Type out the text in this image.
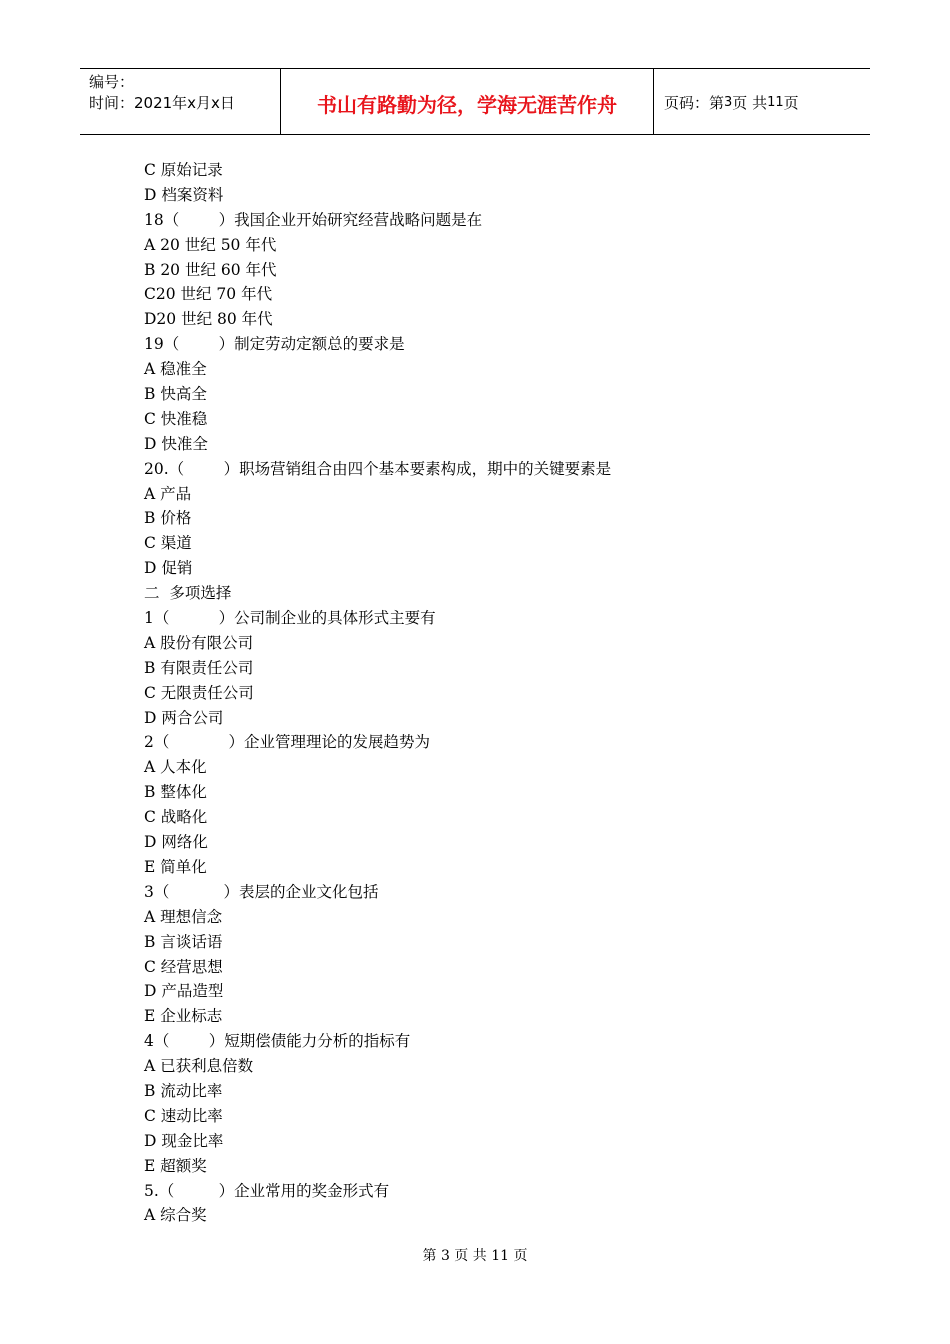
编号：
时间：2021年x月x日	书山有路勤为径，学海无涯苦作舟	页码：第 3 页 共 11 页
C 原始记录
D 档案资料
18（        ）我国企业开始研究经营战略问题是在
A 20 世纪 50 年代
B 20 世纪 60 年代
C20 世纪 70 年代
D20 世纪 80 年代
19（        ）制定劳动定额总的要求是
A 稳准全
B 快高全
C 快准稳
D 快准全
20.（        ）职场营销组合由四个基本要素构成，期中的关键要素是
A 产品
B 价格
C 渠道
D 促销
二  多项选择
1（          ）公司制企业的具体形式主要有
A 股份有限公司
B 有限责任公司
C 无限责任公司
D 两合公司
2（            ）企业管理理论的发展趋势为
A 人本化
B 整体化
C 战略化
D 网络化
E 简单化
3（           ）表层的企业文化包括
A 理想信念
B 言谈话语
C 经营思想
D 产品造型
E 企业标志
4（        ）短期偿债能力分析的指标有
A 已获利息倍数
B 流动比率
C 速动比率
D 现金比率
E 超额奖
5.（         ）企业常用的奖金形式有
A 综合奖
第 3 页 共 11 页
